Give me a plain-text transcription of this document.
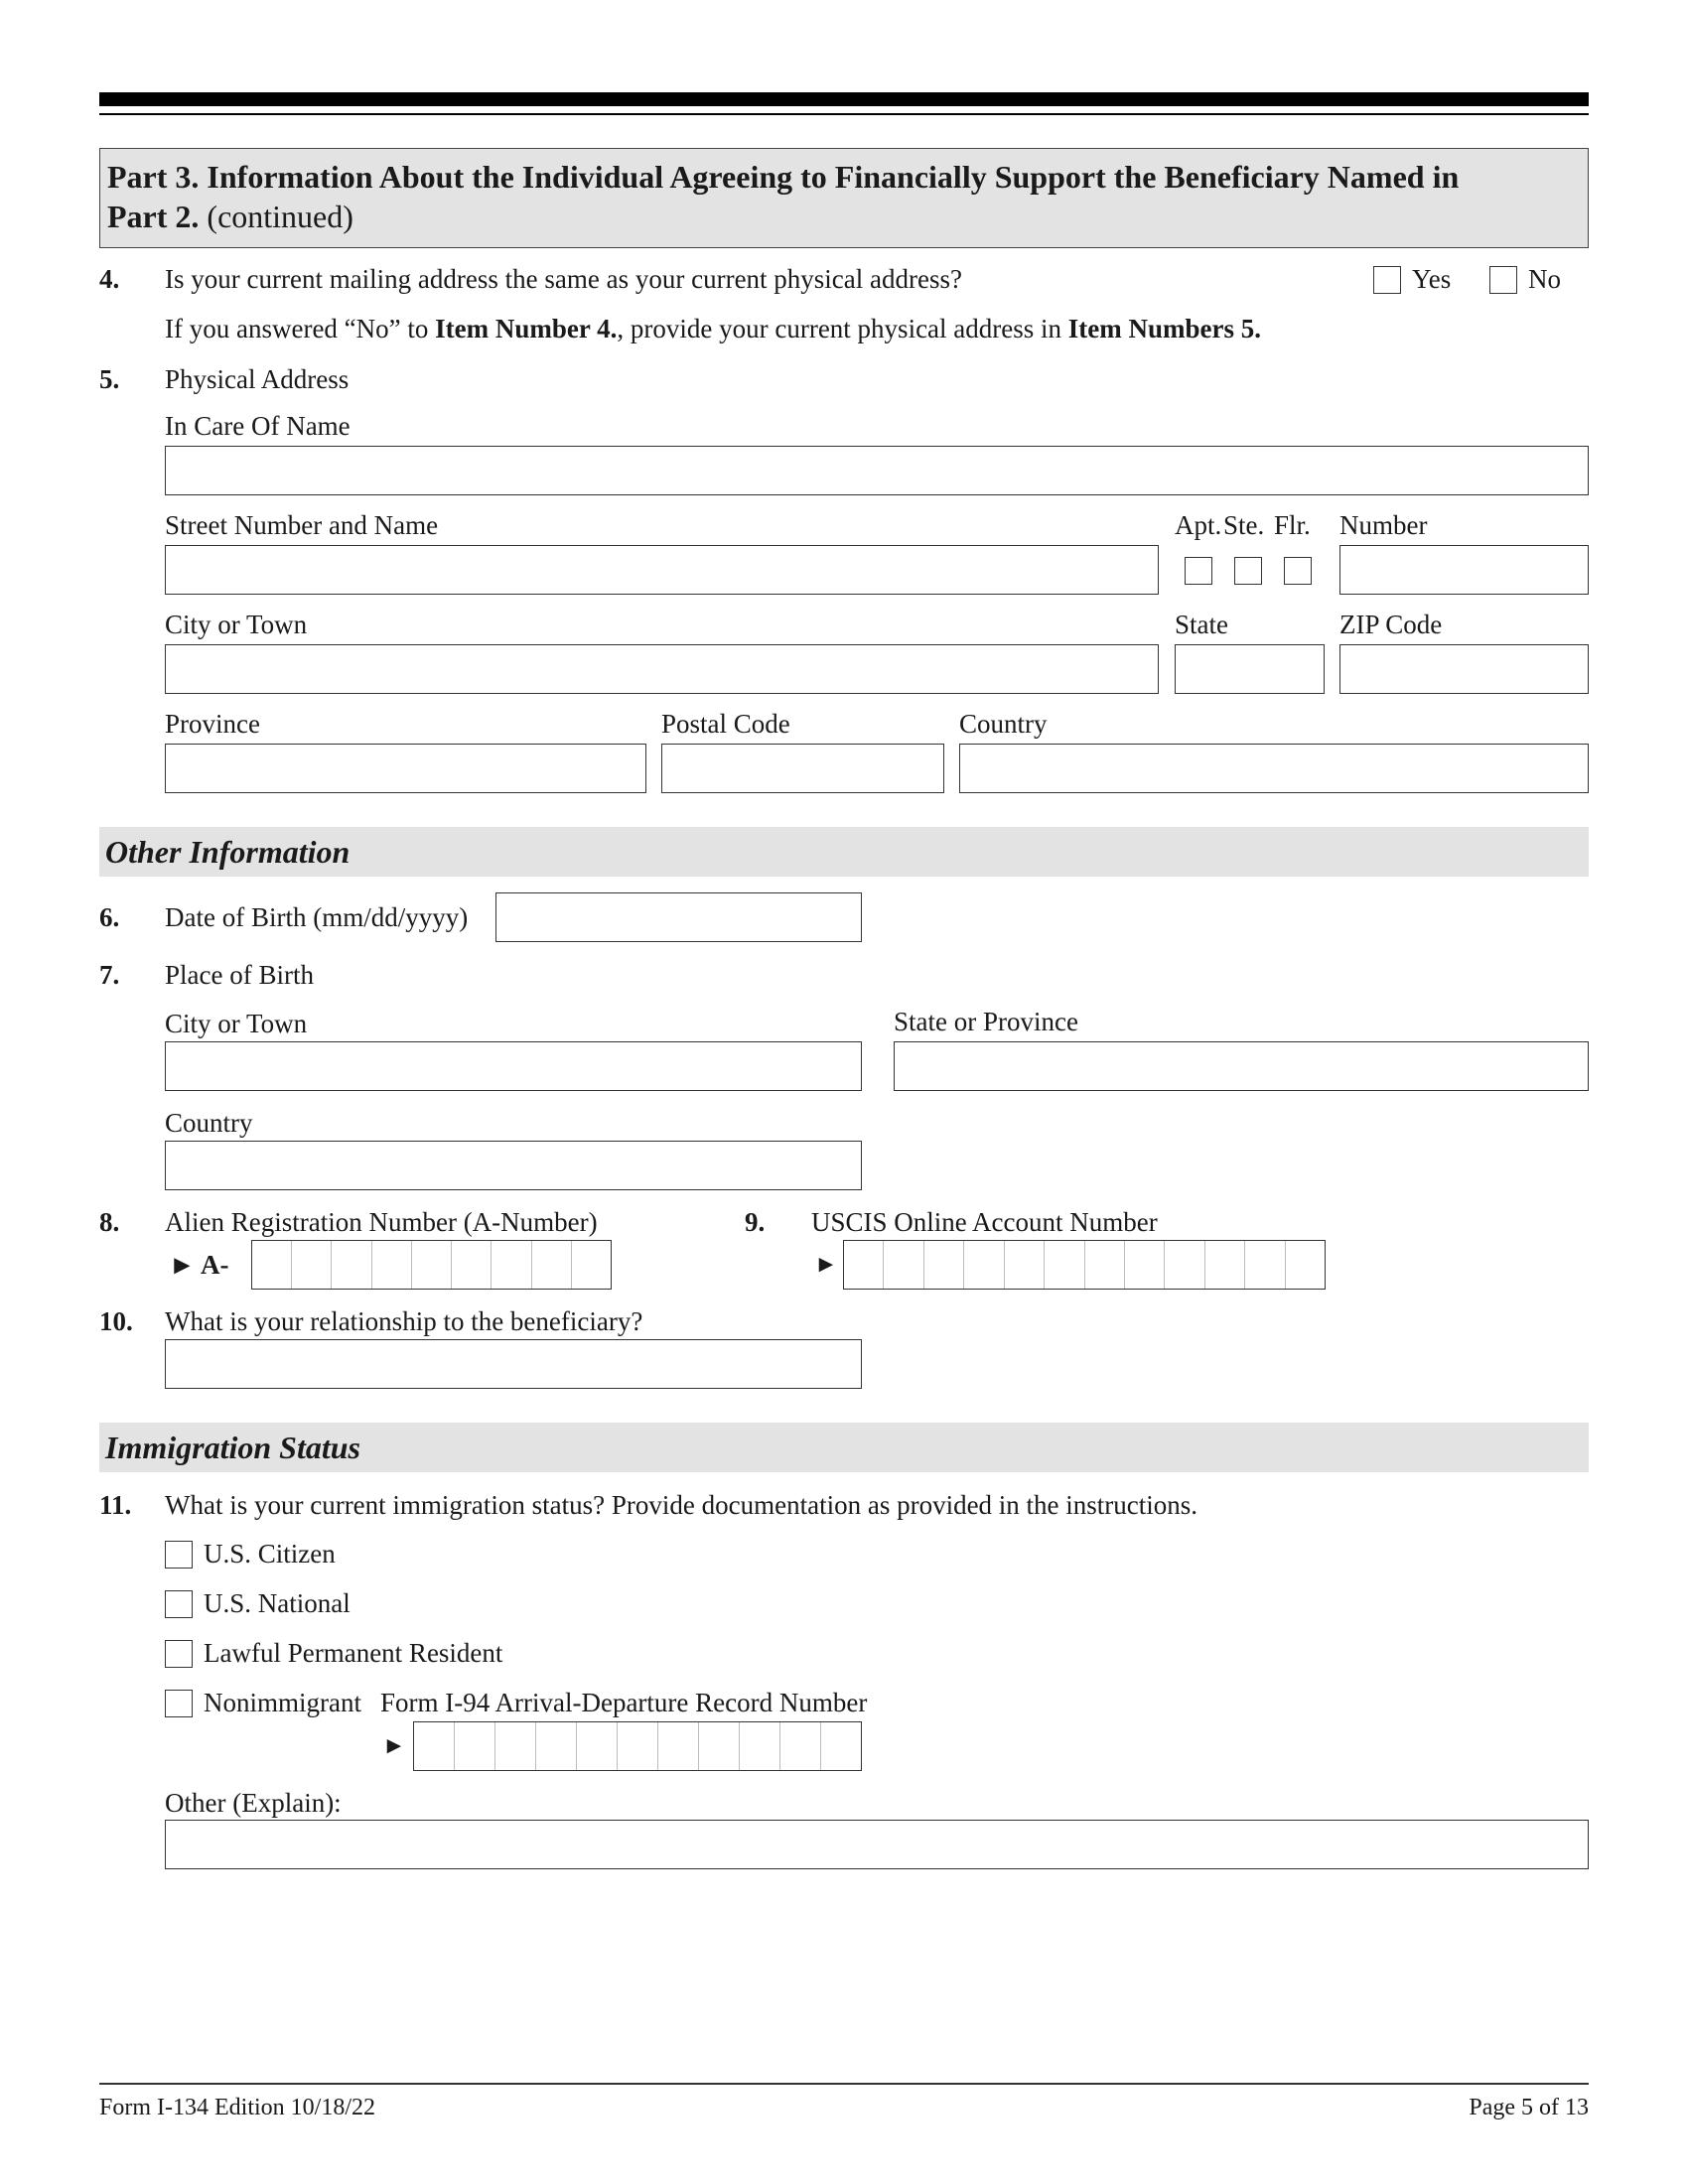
Part 3. Information About the Individual Agreeing to Financially Support the Beneficiary Named in
Part 2. (continued)
4. Is your current mailing address the same as your current physical address?	Yes	No
If you answered “No” to Item Number 4., provide your current physical address in Item Numbers 5.
5. Physical Address
In Care Of Name
Street Number and Name	Apt. Ste. Flr. Number
City or Town	State	ZIP Code
Province	Postal Code	Country
Other Information
6. Date of Birth (mm/dd/yyyy)
7. Place of Birth
City or Town	State or Province
Country
8. Alien Registration Number (A-Number)
► A-
9. USCIS Online Account Number
►
10. What is your relationship to the beneficiary?
Immigration Status
11. What is your current immigration status? Provide documentation as provided in the instructions.
U.S. Citizen
U.S. National
Lawful Permanent Resident
Nonimmigrant Form I-94 Arrival-Departure Record Number
►
Other (Explain):
Form I-134 Edition 10/18/22	Page 5 of 13
